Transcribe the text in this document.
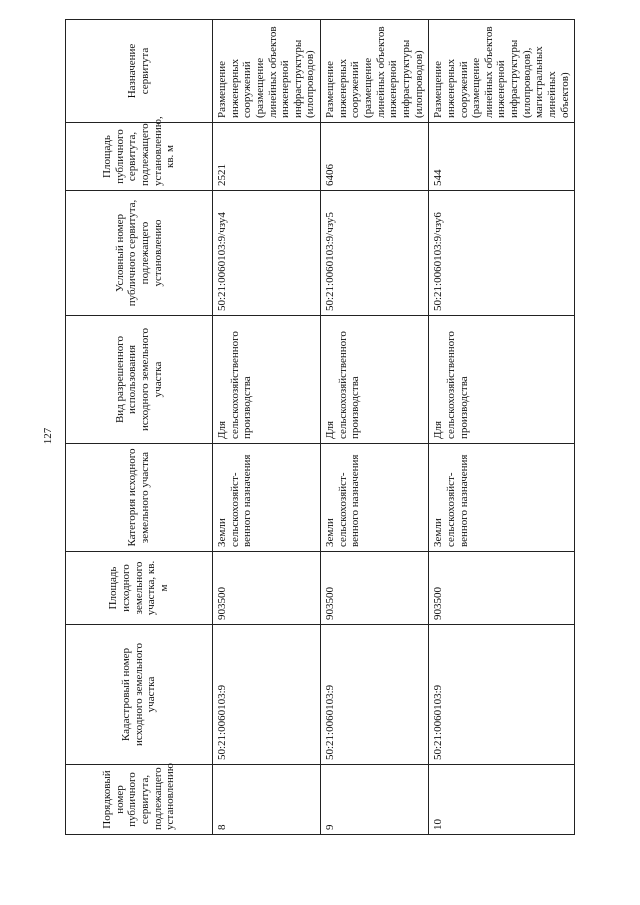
127
Порядковый номер публичного сервитута, подлежащего установлению	Кадастровый номер исходного земельного участка	Площадь исходного земельного участка, кв. м	Категория исходного земельного участка	Вид разрешенного использования исходного земельного участка	Условный номер публичного сервитута, подлежащего установлению	Площадь публичного сервитута, подлежащего установлению, кв. м	Назначение сервитута
8	50:21:0060103:9	903500	Земли сельскохозяйст-венного назначения	Для сельскохозяйственного производства	50:21:0060103:9/чзу4	2521	Размещение инженерных сооружений (размещение линейных объектов инженерной инфраструктуры (илопроводов)
9	50:21:0060103:9	903500	Земли сельскохозяйст-венного назначения	Для сельскохозяйственного производства	50:21:0060103:9/чзу5	6406	Размещение инженерных сооружений (размещение линейных объектов инженерной инфраструктуры (илопроводов)
10	50:21:0060103:9	903500	Земли сельскохозяйст-венного назначения	Для сельскохозяйственного производства	50:21:0060103:9/чзу6	544	Размещение инженерных сооружений (размещение линейных объектов инженерной инфраструктуры (илопроводов), магистральных линейных объектов)
